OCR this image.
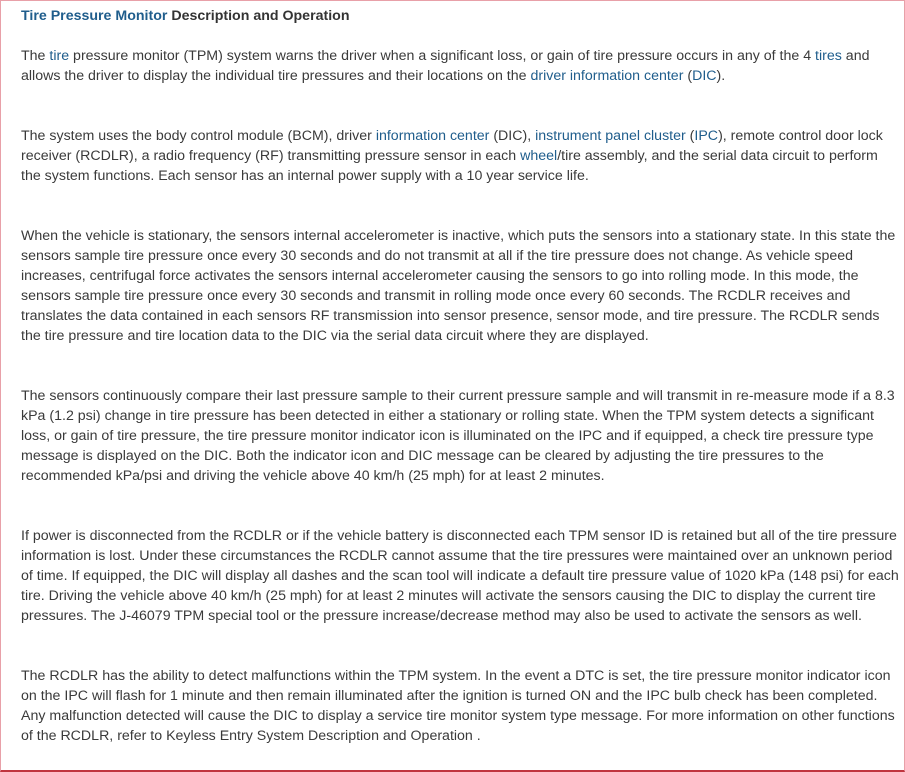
Tire Pressure Monitor Description and Operation

The tire pressure monitor (TPM) system warns the driver when a significant loss, or gain of tire pressure occurs in any of the 4 tires and allows the driver to display the individual tire pressures and their locations on the driver information center (DIC).

The system uses the body control module (BCM), driver information center (DIC), instrument panel cluster (IPC), remote control door lock receiver (RCDLR), a radio frequency (RF) transmitting pressure sensor in each wheel/tire assembly, and the serial data circuit to perform the system functions. Each sensor has an internal power supply with a 10 year service life.

When the vehicle is stationary, the sensors internal accelerometer is inactive, which puts the sensors into a stationary state. In this state the sensors sample tire pressure once every 30 seconds and do not transmit at all if the tire pressure does not change. As vehicle speed increases, centrifugal force activates the sensors internal accelerometer causing the sensors to go into rolling mode. In this mode, the sensors sample tire pressure once every 30 seconds and transmit in rolling mode once every 60 seconds. The RCDLR receives and translates the data contained in each sensors RF transmission into sensor presence, sensor mode, and tire pressure. The RCDLR sends the tire pressure and tire location data to the DIC via the serial data circuit where they are displayed.

The sensors continuously compare their last pressure sample to their current pressure sample and will transmit in re-measure mode if a 8.3 kPa (1.2 psi) change in tire pressure has been detected in either a stationary or rolling state. When the TPM system detects a significant loss, or gain of tire pressure, the tire pressure monitor indicator icon is illuminated on the IPC and if equipped, a check tire pressure type message is displayed on the DIC. Both the indicator icon and DIC message can be cleared by adjusting the tire pressures to the recommended kPa/psi and driving the vehicle above 40 km/h (25 mph) for at least 2 minutes.

If power is disconnected from the RCDLR or if the vehicle battery is disconnected each TPM sensor ID is retained but all of the tire pressure information is lost. Under these circumstances the RCDLR cannot assume that the tire pressures were maintained over an unknown period of time. If equipped, the DIC will display all dashes and the scan tool will indicate a default tire pressure value of 1020 kPa (148 psi) for each tire. Driving the vehicle above 40 km/h (25 mph) for at least 2 minutes will activate the sensors causing the DIC to display the current tire pressures. The J-46079 TPM special tool or the pressure increase/decrease method may also be used to activate the sensors as well.

The RCDLR has the ability to detect malfunctions within the TPM system. In the event a DTC is set, the tire pressure monitor indicator icon on the IPC will flash for 1 minute and then remain illuminated after the ignition is turned ON and the IPC bulb check has been completed. Any malfunction detected will cause the DIC to display a service tire monitor system type message. For more information on other functions of the RCDLR, refer to Keyless Entry System Description and Operation .
